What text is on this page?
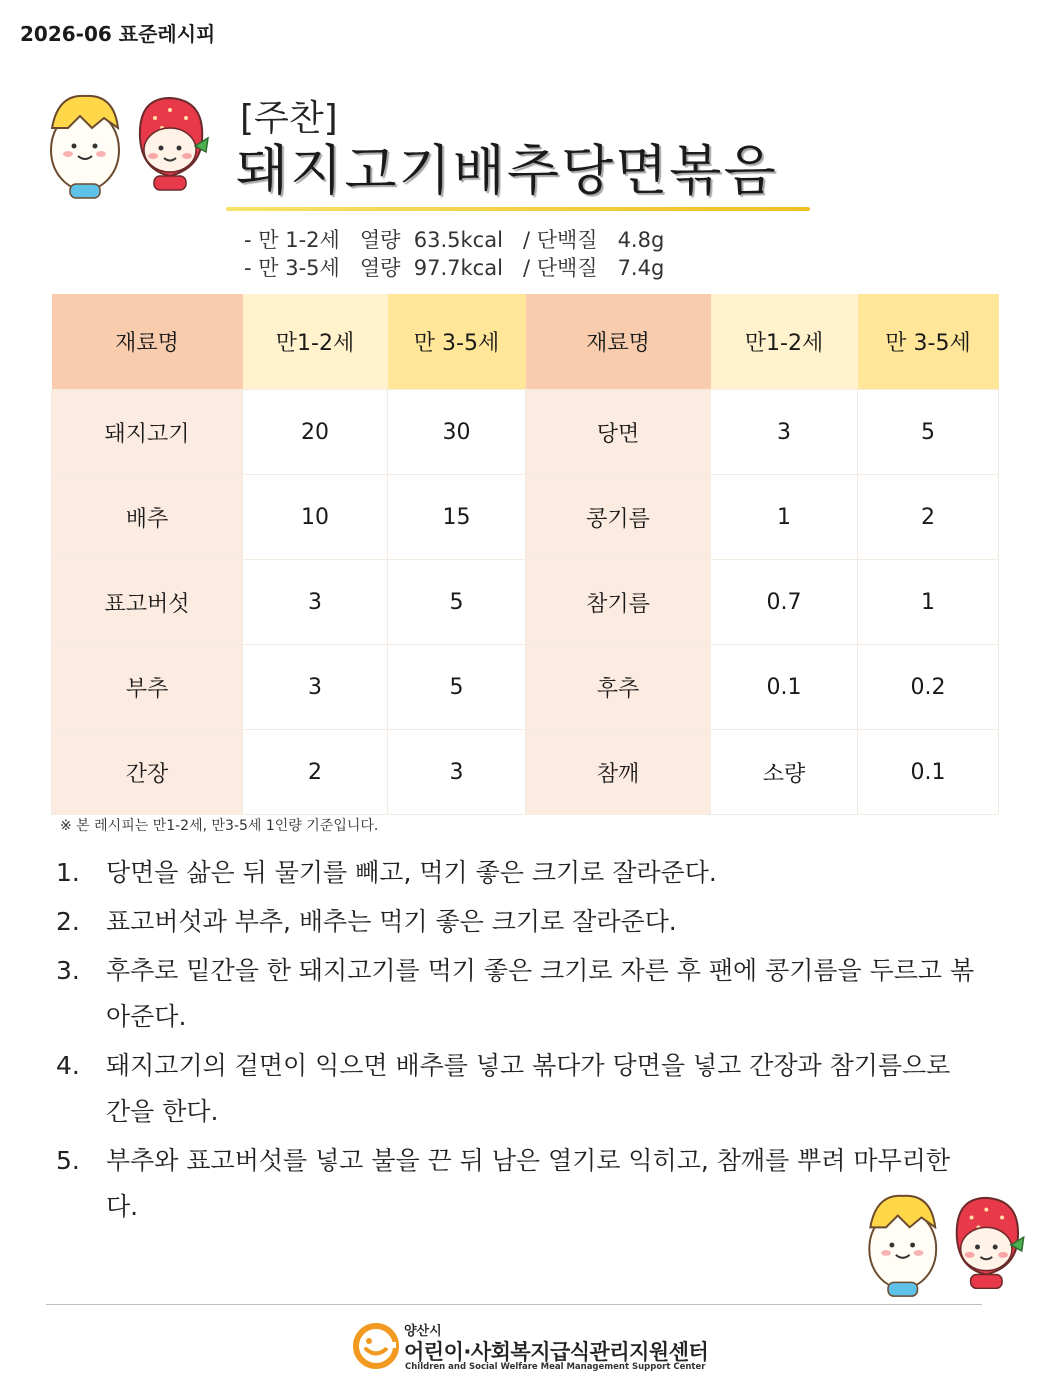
2026-06 표준레시피
[주찬]
돼지고기배추당면볶음
- 만 1-2세   열량  63.5kcal   / 단백질   4.8g
- 만 3-5세   열량  97.7kcal   / 단백질   7.4g
재료명	만1-2세	만 3-5세	재료명	만1-2세	만 3-5세
돼지고기	20	30	당면	3	5
배추	10	15	콩기름	1	2
표고버섯	3	5	참기름	0.7	1
부추	3	5	후추	0.1	0.2
간장	2	3	참깨	소량	0.1
※ 본 레시피는 만1-2세, 만3-5세 1인량 기준입니다.
1. 당면을 삶은 뒤 물기를 빼고, 먹기 좋은 크기로 잘라준다.
2. 표고버섯과 부추, 배추는 먹기 좋은 크기로 잘라준다.
3. 후추로 밑간을 한 돼지고기를 먹기 좋은 크기로 자른 후 팬에 콩기름을 두르고 볶아준다.
4. 돼지고기의 겉면이 익으면 배추를 넣고 볶다가 당면을 넣고 간장과 참기름으로 간을 한다.
5. 부추와 표고버섯를 넣고 불을 끈 뒤 남은 열기로 익히고, 참깨를 뿌려 마무리한다.
양산시
어린이·사회복지급식관리지원센터
Children and Social Welfare Meal Management Support Center
